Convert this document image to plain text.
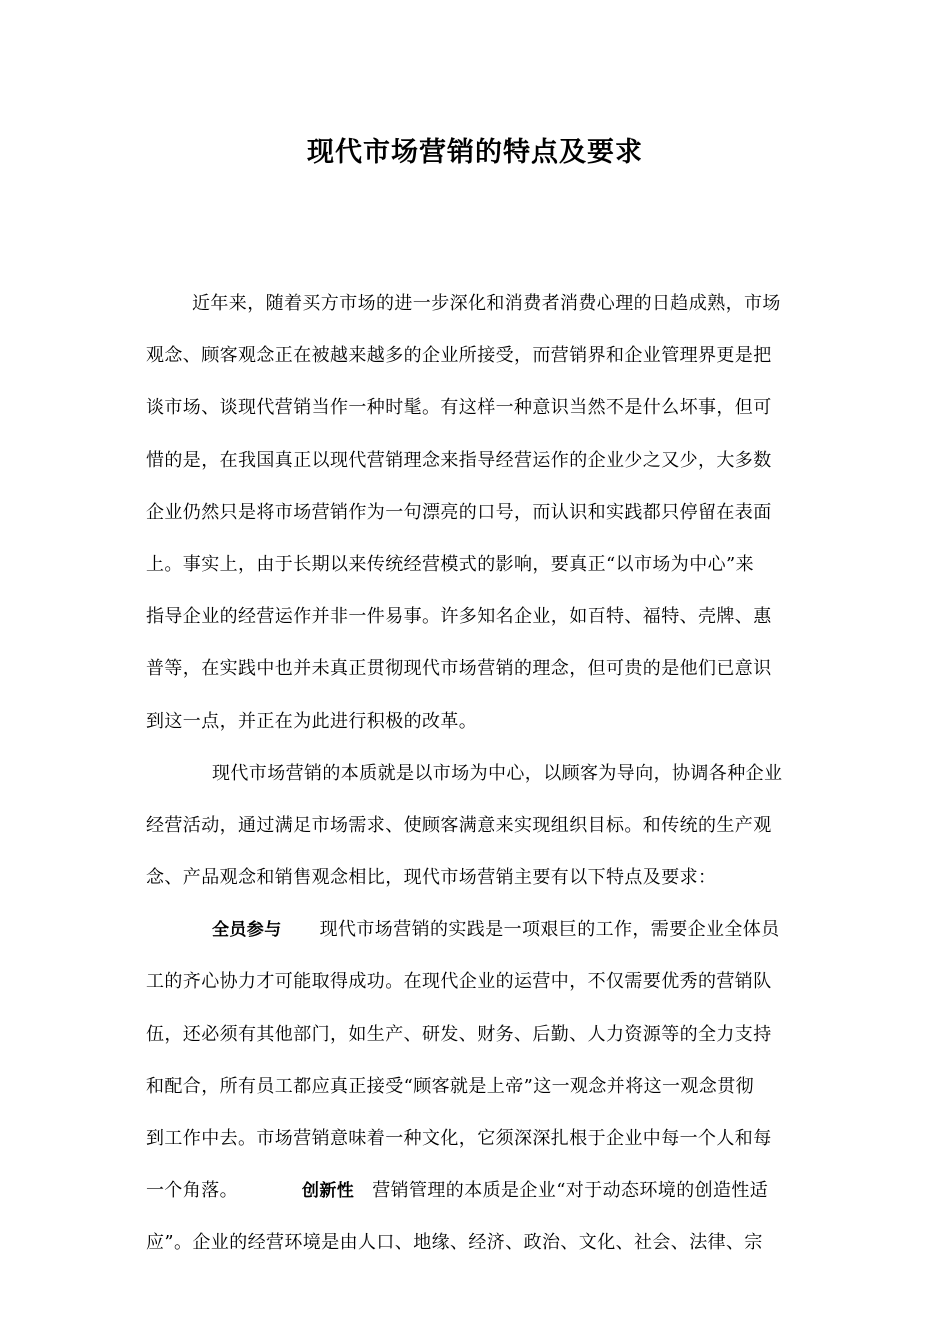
现代市场营销的特点及要求
近年来，随着买方市场的进一步深化和消费者消费心理的日趋成熟，市场
观念、顾客观念正在被越来越多的企业所接受，而营销界和企业管理界更是把
谈市场、谈现代营销当作一种时髦。有这样一种意识当然不是什么坏事，但可
惜的是，在我国真正以现代营销理念来指导经营运作的企业少之又少，大多数
企业仍然只是将市场营销作为一句漂亮的口号，而认识和实践都只停留在表面
上。事实上，由于长期以来传统经营模式的影响，要真正“以市场为中心”来
指导企业的经营运作并非一件易事。许多知名企业，如百特、福特、壳牌、惠
普等，在实践中也并未真正贯彻现代市场营销的理念，但可贵的是他们已意识
到这一点，并正在为此进行积极的改革。
现代市场营销的本质就是以市场为中心，以顾客为导向，协调各种企业
经营活动，通过满足市场需求、使顾客满意来实现组织目标。和传统的生产观
念、产品观念和销售观念相比，现代市场营销主要有以下特点及要求：
全员参与 现代市场营销的实践是一项艰巨的工作，需要企业全体员
工的齐心协力才可能取得成功。在现代企业的运营中，不仅需要优秀的营销队
伍，还必须有其他部门，如生产、研发、财务、后勤、人力资源等的全力支持
和配合，所有员工都应真正接受“顾客就是上帝”这一观念并将这一观念贯彻
到工作中去。市场营销意味着一种文化，它须深深扎根于企业中每一个人和每
一个角落。	创新性 营销管理的本质是企业“对于动态环境的创造性适
应”。企业的经营环境是由人口、地缘、经济、政治、文化、社会、法律、宗
